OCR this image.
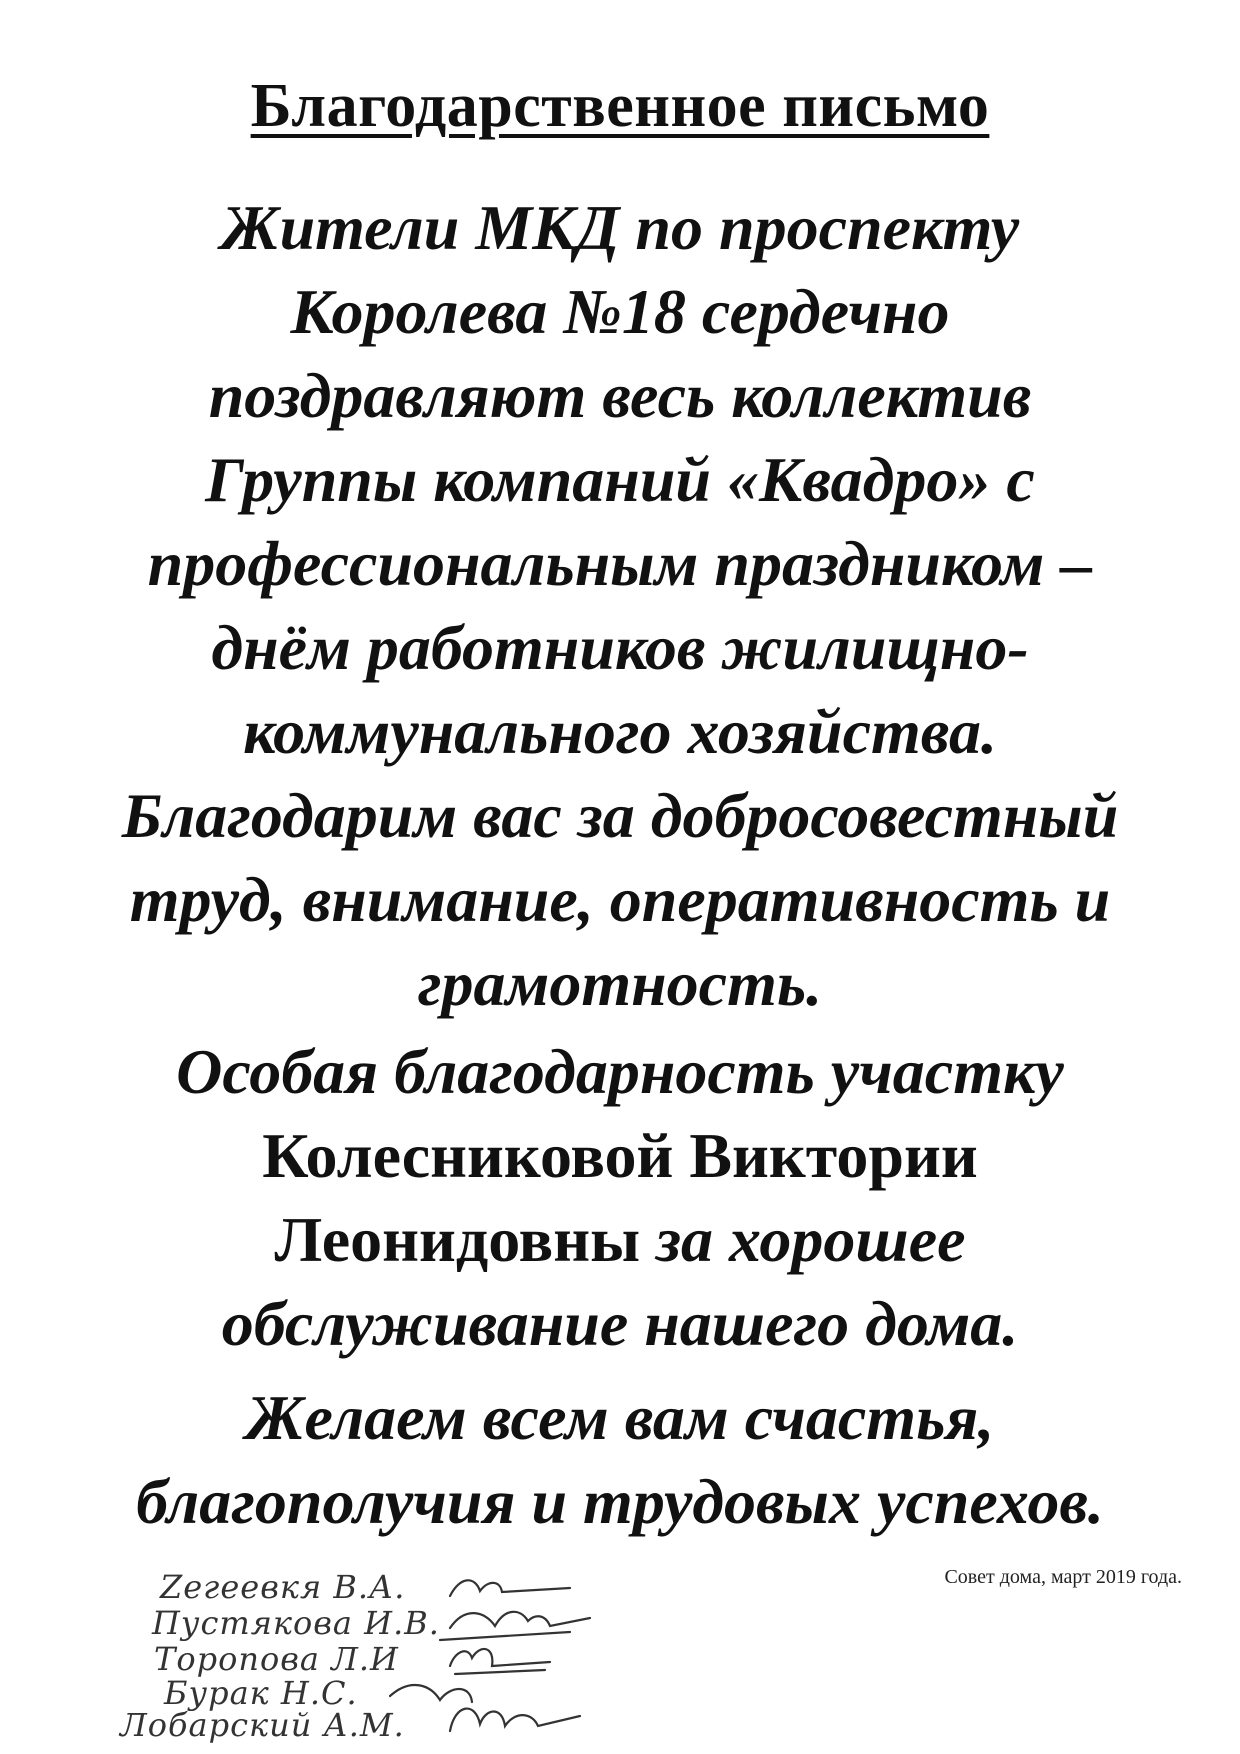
Благодарственное письмо

Жители МКД по проспекту

Королева №18 сердечно

поздравляют весь коллектив

Группы компаний «Квадро» с

профессиональным праздником –

днём работников жилищно-

коммунального хозяйства.

Благодарим вас за добросовестный

труд, внимание, оперативность и

грамотность.

Особая благодарность участку

Колесниковой Виктории

Леонидовны за хорошее

обслуживание нашего дома.

Желаем всем вам счастья,

благополучия и трудовых успехов.

Zeгеевкя В.А.
Пустякова И.В.
Торопова Л.И
Бурак Н.С.
Лобарский А.М.
Совет дома, март 2019 года.
